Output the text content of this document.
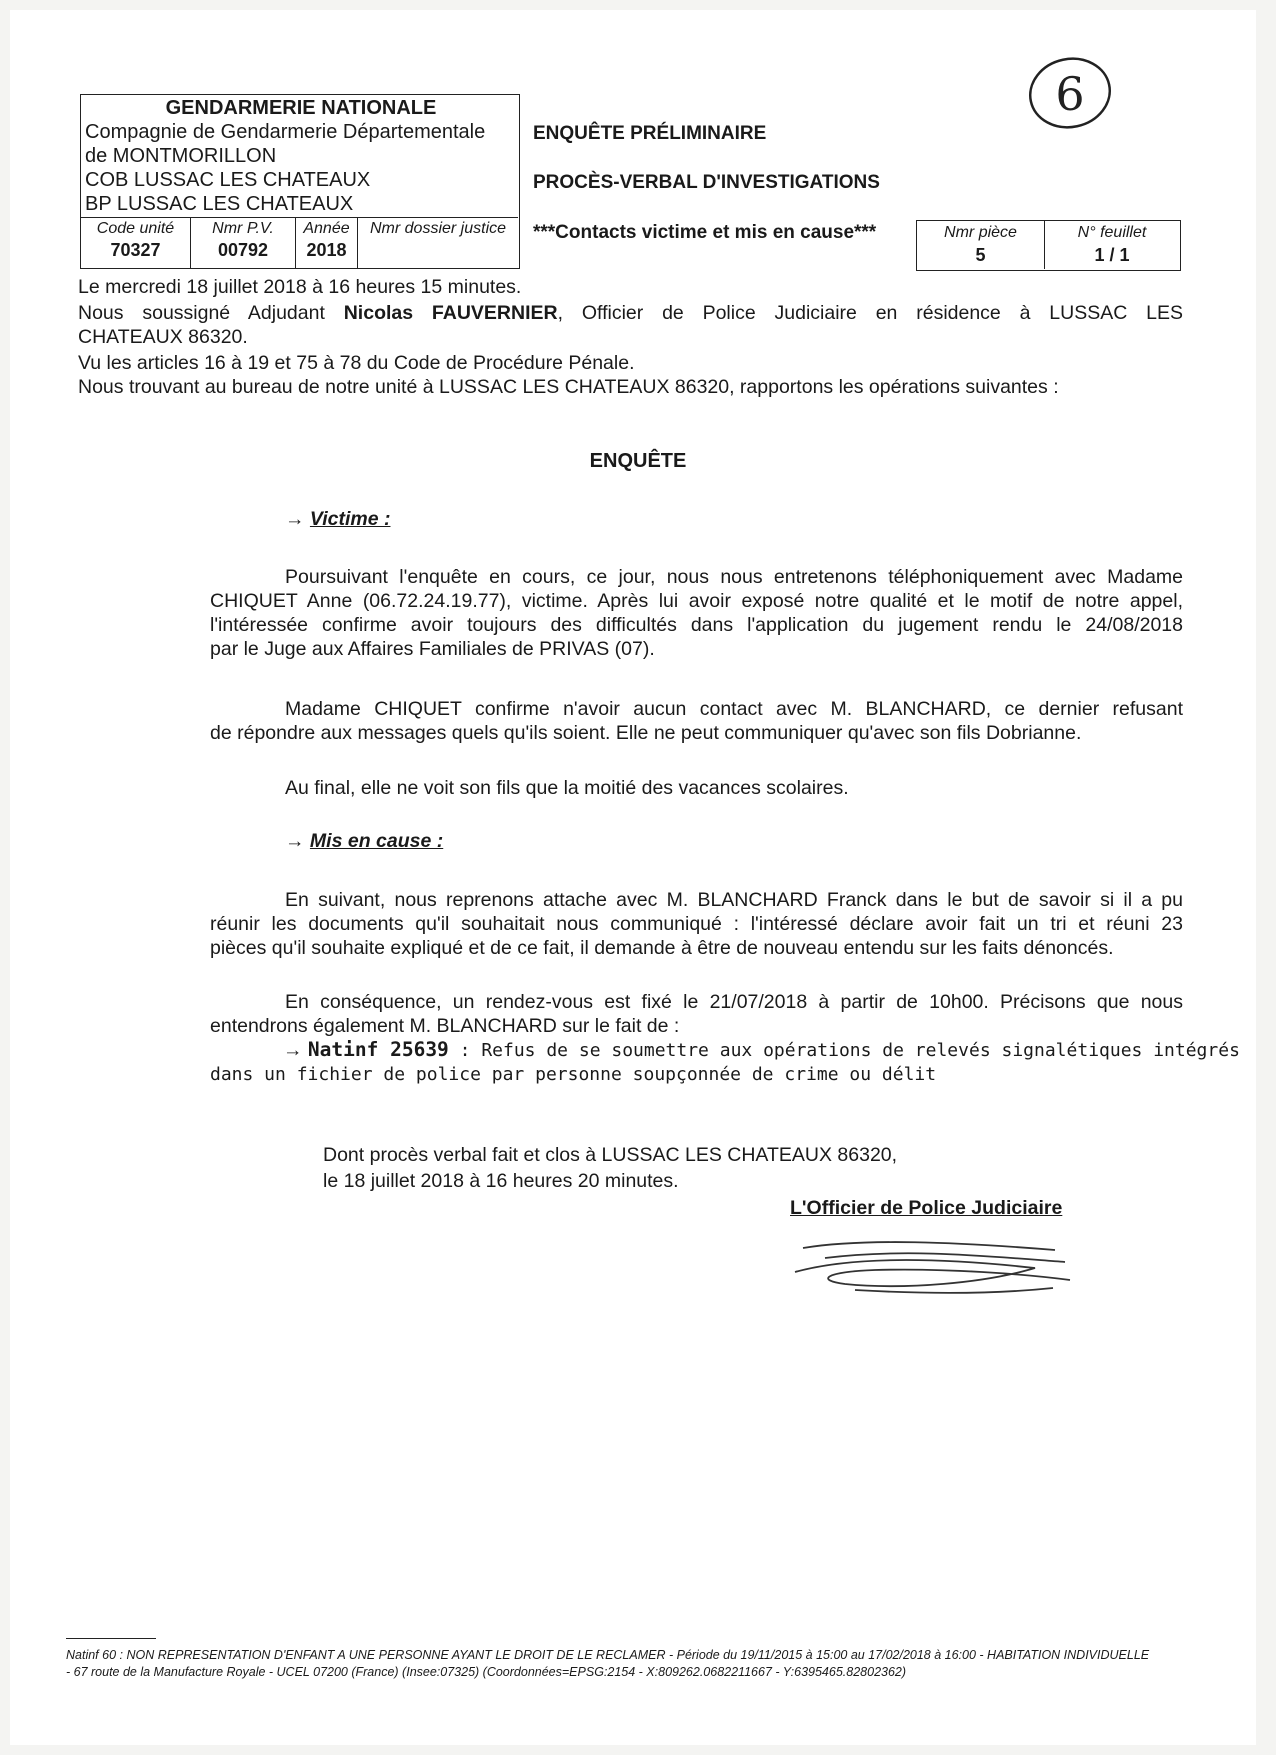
6
GENDARMERIE NATIONALE
Compagnie de Gendarmerie Départementale
de MONTMORILLON
COB LUSSAC LES CHATEAUX
BP LUSSAC LES CHATEAUX
Code unité
70327
Nmr P.V.
00792
Année
2018
Nmr dossier justice
ENQUÊTE PRÉLIMINAIRE
PROCÈS-VERBAL D'INVESTIGATIONS
***Contacts victime et mis en cause***	Nmr pièce
5
N° feuillet
1 / 1
Le mercredi 18 juillet 2018 à 16 heures 15 minutes.
Nous soussigné Adjudant Nicolas FAUVERNIER, Officier de Police Judiciaire en résidence à LUSSAC LES
CHATEAUX 86320.
Vu les articles 16 à 19 et 75 à 78 du Code de Procédure Pénale.
Nous trouvant au bureau de notre unité à LUSSAC LES CHATEAUX 86320, rapportons les opérations suivantes :
ENQUÊTE
→ Victime :
Poursuivant l'enquête en cours, ce jour, nous nous entretenons téléphoniquement avec Madame
CHIQUET Anne (06.72.24.19.77), victime. Après lui avoir exposé notre qualité et le motif de notre appel,
l'intéressée confirme avoir toujours des difficultés dans l'application du jugement rendu le 24/08/2018
par le Juge aux Affaires Familiales de PRIVAS (07).
Madame CHIQUET confirme n'avoir aucun contact avec M. BLANCHARD, ce dernier refusant
de répondre aux messages quels qu'ils soient. Elle ne peut communiquer qu'avec son fils Dobrianne.
Au final, elle ne voit son fils que la moitié des vacances scolaires.
→ Mis en cause :
En suivant, nous reprenons attache avec M. BLANCHARD Franck dans le but de savoir si il a pu
réunir les documents qu'il souhaitait nous communiqué : l'intéressé déclare avoir fait un tri et réuni 23
pièces qu'il souhaite expliqué et de ce fait, il demande à être de nouveau entendu sur les faits dénoncés.
En conséquence, un rendez-vous est fixé le 21/07/2018 à partir de 10h00. Précisons que nous
entendrons également M. BLANCHARD sur le fait de :
→ Natinf 25639 : Refus de se soumettre aux opérations de relevés signalétiques intégrés
dans un fichier de police par personne soupçonnée de crime ou délit
Dont procès verbal fait et clos à LUSSAC LES CHATEAUX 86320,
le 18 juillet 2018 à 16 heures 20 minutes.
L'Officier de Police Judiciaire
Natinf 60 : NON REPRESENTATION D'ENFANT A UNE PERSONNE AYANT LE DROIT DE LE RECLAMER - Période du 19/11/2015 à 15:00 au 17/02/2018 à 16:00 - HABITATION INDIVIDUELLE
- 67 route de la Manufacture Royale - UCEL 07200 (France) (Insee:07325) (Coordonnées=EPSG:2154 - X:809262.0682211667 - Y:6395465.82802362)
